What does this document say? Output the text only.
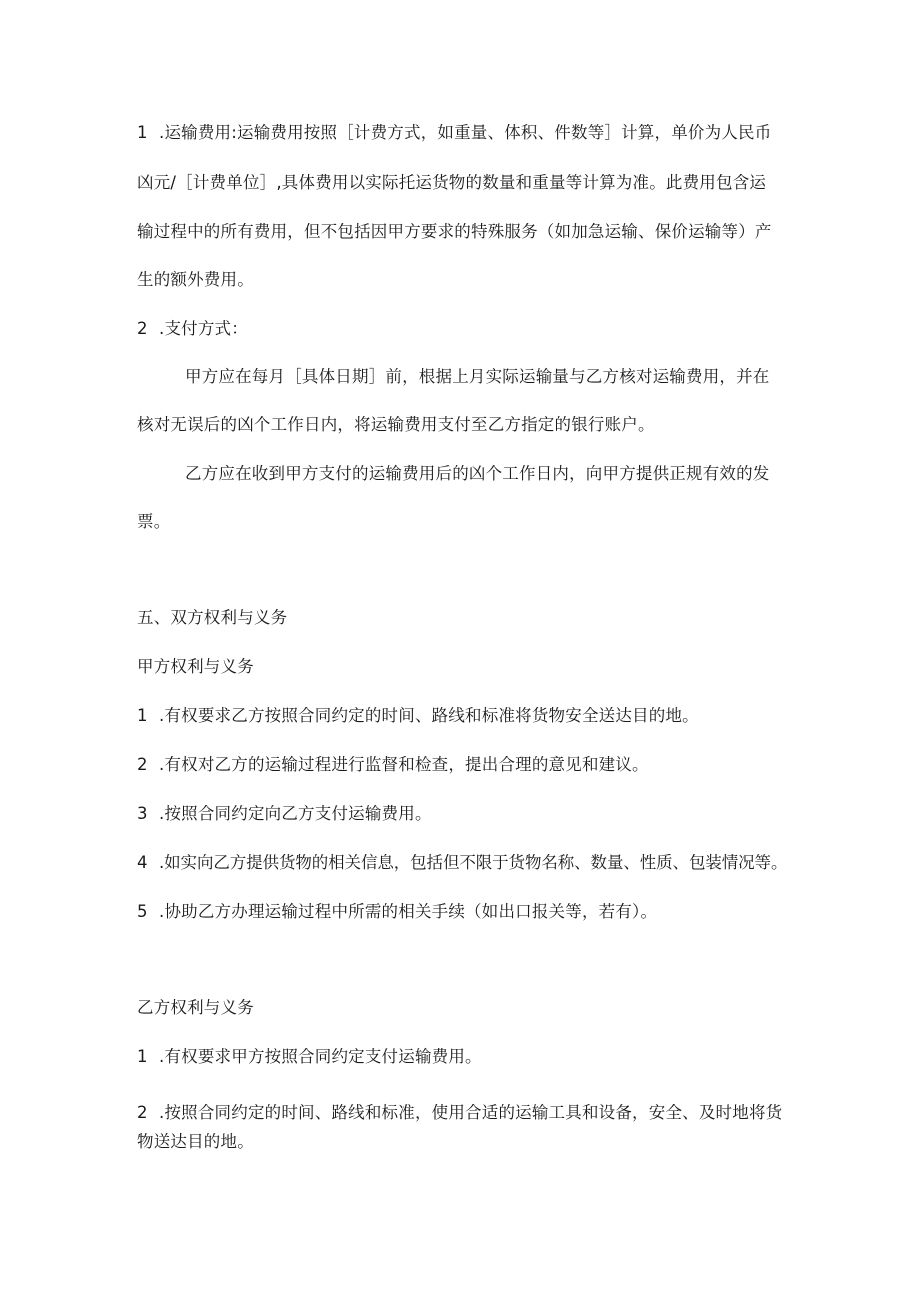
1 .运输费用:运输费用按照［计费方式，如重量、体积、件数等］计算，单价为人民币
凶元/［计费单位］,具体费用以实际托运货物的数量和重量等计算为准。此费用包含运
输过程中的所有费用，但不包括因甲方要求的特殊服务（如加急运输、保价运输等）产
生的额外费用。
2 .支付方式：
甲方应在每月［具体日期］前，根据上月实际运输量与乙方核对运输费用，并在
核对无误后的凶个工作日内，将运输费用支付至乙方指定的银行账户。
乙方应在收到甲方支付的运输费用后的凶个工作日内，向甲方提供正规有效的发
票。
五、双方权利与义务
甲方权利与义务
1 .有权要求乙方按照合同约定的时间、路线和标准将货物安全送达目的地。
2 .有权对乙方的运输过程进行监督和检查，提出合理的意见和建议。
3 .按照合同约定向乙方支付运输费用。
4 .如实向乙方提供货物的相关信息，包括但不限于货物名称、数量、性质、包装情况等。
5 .协助乙方办理运输过程中所需的相关手续（如出口报关等，若有）。
乙方权利与义务
1 .有权要求甲方按照合同约定支付运输费用。
2 .按照合同约定的时间、路线和标准，使用合适的运输工具和设备，安全、及时地将货
物送达目的地。
